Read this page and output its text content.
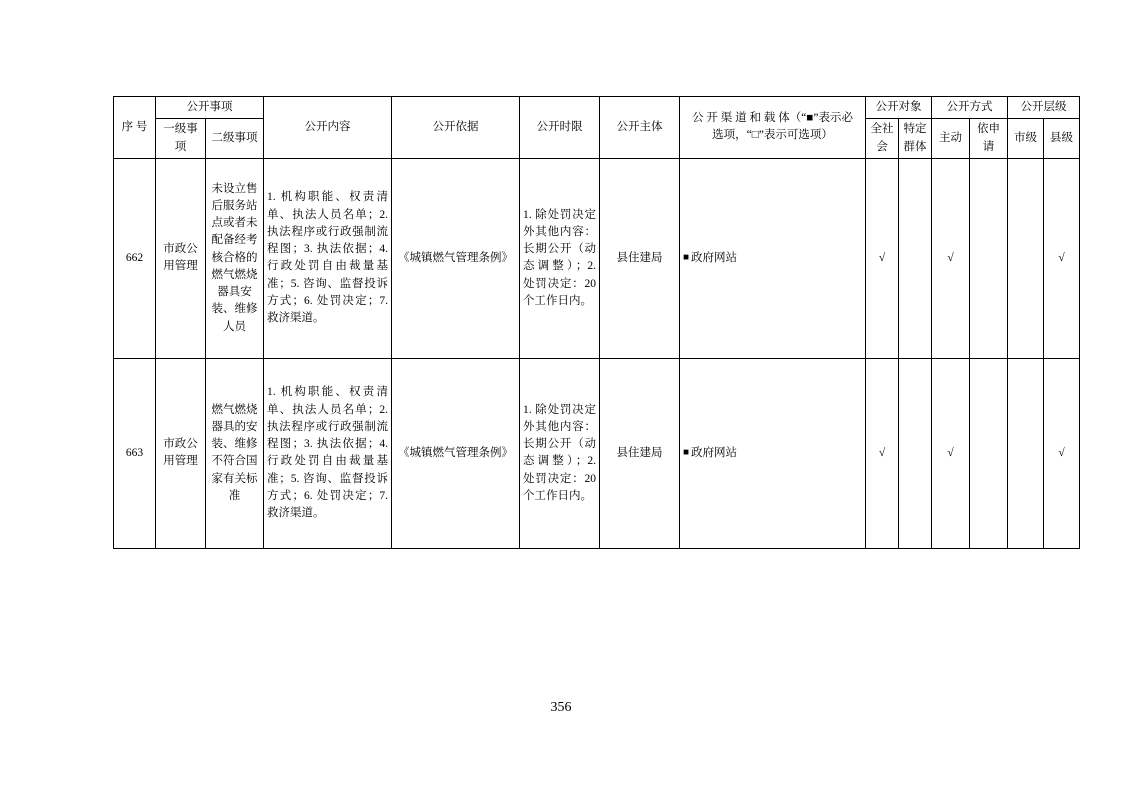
序 号	公开事项		公开内容	公开依据	公开时限	公开主体	公 开 渠 道 和 载 体（“■”表示必选项，“□”表示可选项）	公开对象		公开方式		公开层级	
	一级事项	二级事项						全社会	特定群体	主动	依申请	市级	县级
662	市政公用管理	未设立售后服务站点或者未配备经考核合格的燃气燃烧器具安装、维修人员	1. 机构职能、权责清单、执法人员名单；2. 执法程序或行政强制流程图；3. 执法依据；4. 行政处罚自由裁量基准；5. 咨询、监督投诉方式；6. 处罚决定；7. 救济渠道。	《城镇燃气管理条例》	1. 除处罚决定外其他内容：长期公开（动态调整）；2. 处罚决定：20 个工作日内。	县住建局	■ 政府网站	√		√			√
663	市政公用管理	燃气燃烧器具的安装、维修不符合国家有关标准	1. 机构职能、权责清单、执法人员名单；2. 执法程序或行政强制流程图；3. 执法依据；4. 行政处罚自由裁量基准；5. 咨询、监督投诉方式；6. 处罚决定；7. 救济渠道。	《城镇燃气管理条例》	1. 除处罚决定外其他内容：长期公开（动态调整）；2. 处罚决定：20 个工作日内。	县住建局	■ 政府网站	√		√			√
356
